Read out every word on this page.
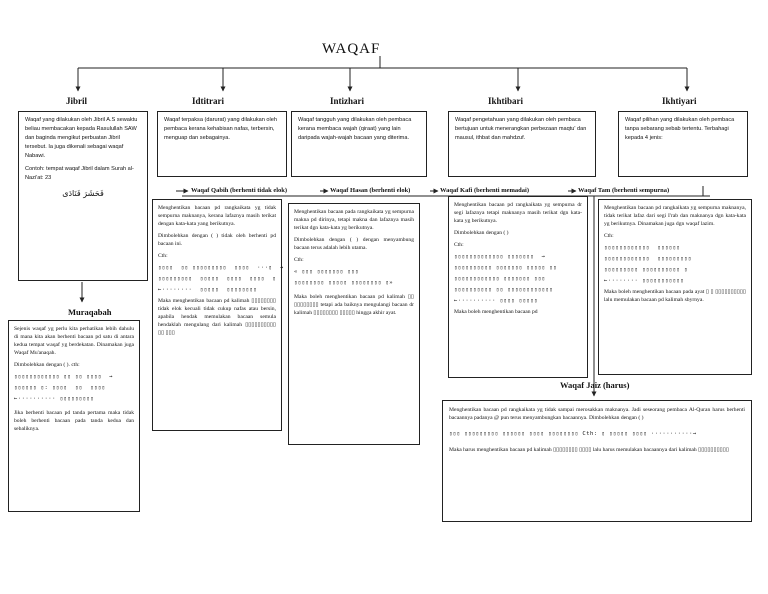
WAQAF
Jibril	Idtitrari	Intizhari	Ikhtibari	Ikhtiyari
Waqaf yang dilakukan oleh Jibril A.S sewaktu beliau membacakan kepada Rasulullah SAW dan baginda mengikut perbuatan Jibril tersebut. Ia juga dikenali sebagai waqaf Nabawi.
Contoh: tempat waqaf Jibril dalam Surah al-Nazi'at: 23
فَحَشَرَ فَنَادَى
Waqaf terpaksa (darurat) yang dilakukan oleh pembaca kerana kehabisan nafas, terbersin, menguap dan sebagainya.
Waqaf tangguh yang dilakukan oleh pembaca kerana membaca wajah (qiraat) yang lain daripada wajah-wajah bacaan yang diterima.
Waqaf pengetahuan yang dilakukan oleh pembaca bertujuan untuk menerangkan perbezaan maqtu' dan mausul, ithbat dan mahdzuf.
Waqaf pilihan yang dilakukan oleh pembaca tanpa sebarang sebab tertentu. Terbahagi kepada 4 jenis:
Waqaf Qabih (berhenti tidak elok)	Waqaf Hasan (berhenti elok)	Waqaf Kafi (berhenti memadai)	Waqaf Tam (berhenti sempurna)
Menghentikan bacaan pd rangkaikata yg tidak sempurna maknanya, kerana lafaznya masih terikat dengan kata-kata yang berikutnya.
Dimbolehkan dengan ( ) tidak oleh berhenti pd bacaan ini.
Cth:
▯▯▯▯  ▯▯ ▯▯▯▯▯▯▯▯▯  ▯▯▯▯  ···▯  →
▯▯▯▯▯▯▯▯▯  ▯▯▯▯▯  ▯▯▯▯  ▯▯▯▯  ▯
←········  ▯▯▯▯▯  ▯▯▯▯▯▯▯▯
Maka menghentikan bacaan pd kalimah ▯▯▯▯▯▯▯▯ tidak elok kecuali tidak cukup nafas atau bersin, apabila hendak memulakan bacaan semula hendaklah mengulang dari kalimah ▯▯▯▯▯▯▯▯▯▯ ▯▯ ▯▯▯
Menghentikan bacaan pada rangkaikata yg sempurna makna pd dirinya, tetapi makna dan lafaznya masih terikat dgn kata-kata yg berikutnya.
Dimbolehkan dengan ( ) dengan menyambung bacaan terus adalah lebih utama.
Cth:
« ▯▯▯ ▯▯▯▯▯▯▯ ▯▯▯
▯▯▯▯▯▯▯▯ ▯▯▯▯▯ ▯▯▯▯▯▯▯▯ ▯»
Maka boleh menghentikan bacaan pd kalimah ▯▯ ▯▯▯▯▯▯▯▯ tetapi ada baiknya mengulangi bacaan dr kalimah ▯▯▯▯▯▯▯▯ ▯▯▯▯▯ hingga akhir ayat.
Menghentikan bacaan pd rangkaikata yg sempurna dr segi lafaznya tetapi maknanya masih terikat dgn kata-kata yg berikutnya.
Dimbolehkan dengan ( )
Cth:
▯▯▯▯▯▯▯▯▯▯▯▯▯ ▯▯▯▯▯▯▯  →
▯▯▯▯▯▯▯▯▯▯ ▯▯▯▯▯▯▯ ▯▯▯▯▯ ▯▯
▯▯▯▯▯▯▯▯▯▯▯▯ ▯▯▯▯▯▯▯ ▯▯▯
▯▯▯▯▯▯▯▯▯▯ ▯▯ ▯▯▯▯▯▯▯▯▯▯▯▯
←·········· ▯▯▯▯ ▯▯▯▯▯
Maka boleh menghentikan bacaan pd
Menghentikan bacaan pd rangkaikata yg sempurna maknanya, tidak terikat lafaz dari segi I'rab dan maknanya dgn kata-kata yg berikutnya. Dinamakan juga dgn waqaf lazim.
Cth:
▯▯▯▯▯▯▯▯▯▯▯▯  ▯▯▯▯▯▯
▯▯▯▯▯▯▯▯▯▯▯▯  ▯▯▯▯▯▯▯▯▯
▯▯▯▯▯▯▯▯▯ ▯▯▯▯▯▯▯▯▯▯ ▯
←········ ▯▯▯▯▯▯▯▯▯▯▯
Maka boleh menghentikan bacaan pada ayat ▯ ▯ ▯▯▯▯▯▯▯▯▯▯ lalu memulakan bacaan pd kalimah sbyrnya.
Waqaf Jaiz (harus)
Menghentikan bacaan pd rangkaikata yg tidak sampai merosakkan maknanya. Jadi seseorang pembaca Al-Quran harus berhenti bacaannya padanya @ pun terus menyambungkan bacaannya. Dimbolehkan dengan ( )
▯▯▯ ▯▯▯▯▯▯▯▯▯ ▯▯▯▯▯▯ ▯▯▯▯ ▯▯▯▯▯▯▯▯ Cth: ▯ ▯▯▯▯▯ ▯▯▯▯ ···········→
Maka harus menghentikan bacaan pd kalimah ▯▯▯▯▯▯▯▯ ▯▯▯▯ lalu harus memulakan bacaannya dari kalimah ▯▯▯▯▯▯▯▯▯▯
Muraqabah
Sejenis waqaf yg perlu kita perhatikan lebih dahulu di mana kita akan berhenti bacaan pd satu di antara kedua tempat waqaf yg berdekatan. Dinamakan juga Waqaf Mu'anaqah.
Dimbolehkan dengan ( ). cth:
▯▯▯▯▯▯▯▯▯▯▯▯ ▯▯ ▯▯ ▯▯▯▯  →
▯▯▯▯▯▯ ▯: ▯▯▯▯  ▯▯  ▯▯▯▯
←·········· ▯▯▯▯▯▯▯▯▯
Jika berhenti bacaan pd tanda pertama maka tidak boleh berhenti bacaan pada tanda kedua dan sebaliknya.
